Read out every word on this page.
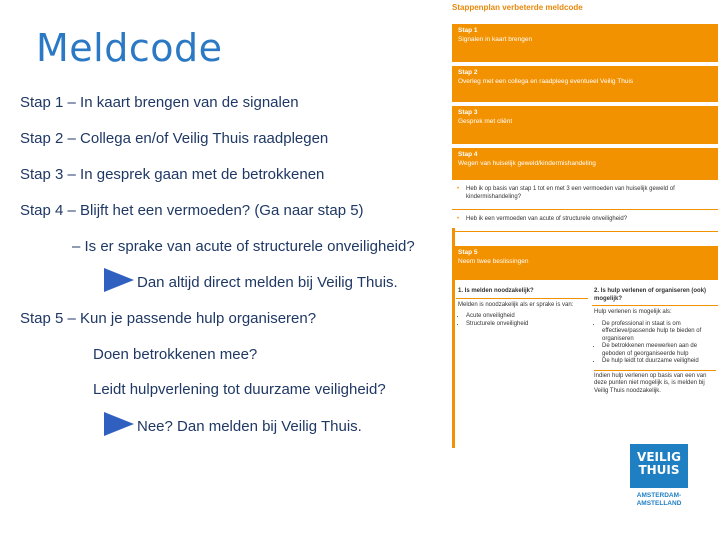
Meldcode
Stap 1 – In kaart brengen van de signalen
Stap 2 – Collega en/of Veilig Thuis raadplegen
Stap 3 – In gesprek gaan met de betrokkenen
Stap 4 – Blijft het een vermoeden? (Ga naar stap 5)
– Is er sprake van acute of structurele onveiligheid?
Dan altijd direct melden bij Veilig Thuis.
Stap 5 – Kun je passende hulp organiseren?
Doen betrokkenen mee?
Leidt hulpverlening tot duurzame veiligheid?
Nee? Dan melden bij Veilig Thuis.
Stappenplan verbeterde meldcode
Stap 1
Signalen in kaart brengen
Stap 2
Overleg met een collega en raadpleeg eventueel Veilig Thuis
Stap 3
Gesprek met cliënt
Stap 4
Wegen van huiselijk geweld/kindermishandeling
• Heb ik op basis van stap 1 tot en met 3 een vermoeden van huiselijk geweld of kindermishandeling?
• Heb ik een vermoeden van acute of structurele onveiligheid?
Stap 5
Neem twee beslissingen
1. Is melden noodzakelijk?

Melden is noodzakelijk als er sprake is van:

• Acute onveiligheid
• Structurele onveiligheid
2. Is hulp verlenen of organiseren (ook) mogelijk?

Hulp verlenen is mogelijk als:

• De professional in staat is om effectieve/passende hulp te bieden of organiseren
• De betrokkenen meewerken aan de geboden of georganiseerde hulp
• De hulp leidt tot duurzame veiligheid

Indien hulp verlenen op basis van een van deze punten niet mogelijk is, is melden bij Veilig Thuis noodzakelijk.

VEILIG
THUIS
AMSTERDAM-
AMSTELLAND
